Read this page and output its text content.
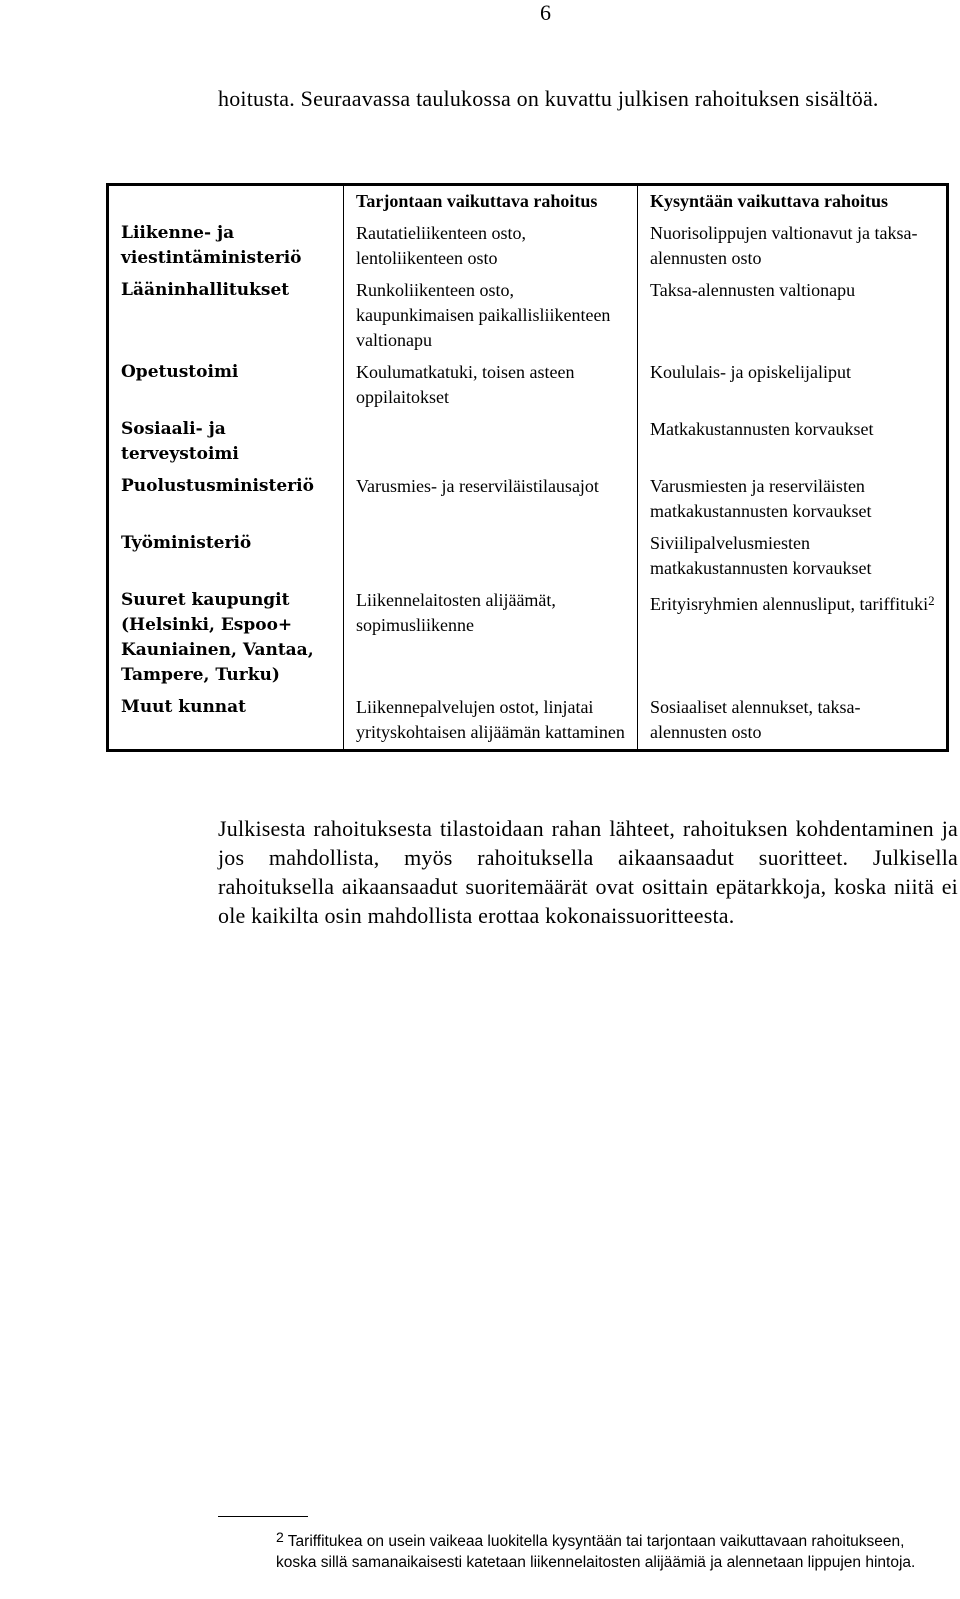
6

hoitusta. Seuraavassa taulukossa on kuvattu julkisen rahoituksen sisältöä.

	Tarjontaan vaikuttava rahoitus	Kysyntään vaikuttava rahoitus
Liikenne- ja viestintäministeriö	Rautatieliikenteen osto, lentoliikenteen osto	Nuorisolippujen valtionavut ja taksa-alennusten osto
Lääninhallitukset	Runkoliikenteen osto, kaupunkimaisen paikallisliikenteen valtionapu	Taksa-alennusten valtionapu
Opetustoimi	Koulumatkatuki, toisen asteen oppilaitokset	Koululais- ja opiskelijaliput
Sosiaali- ja terveystoimi		Matkakustannusten korvaukset
Puolustusministeriö	Varusmies- ja reserviläistilausajot	Varusmiesten ja reserviläisten matkakustannusten korvaukset
Työministeriö		Siviilipalvelusmiesten matkakustannusten korvaukset
Suuret kaupungit (Helsinki, Espoo+ Kauniainen, Vantaa, Tampere, Turku)	Liikennelaitosten alijäämät, sopimusliikenne	Erityisryhmien alennusliput, tariffituki$^2$
Muut kunnat	Liikennepalvelujen ostot, linjatai yrityskohtaisen alijäämän kattaminen	Sosiaaliset alennukset, taksa-alennusten osto

Julkisesta rahoituksesta tilastoidaan rahan lähteet, rahoituksen kohdentaminen ja jos mahdollista, myös rahoituksella aikaansaadut suoritteet. Julkisella rahoituksella aikaansaadut suoritemäärät ovat osittain epätarkkoja, koska niitä ei ole kaikilta osin mahdollista erottaa kokonaissuoritteesta.

$^2$ Tariffitukea on usein vaikeaa luokitella kysyntään tai tarjontaan vaikuttavaan rahoitukseen, koska sillä samanaikaisesti katetaan liikennelaitosten alijäämiä ja alennetaan lippujen hintoja.
